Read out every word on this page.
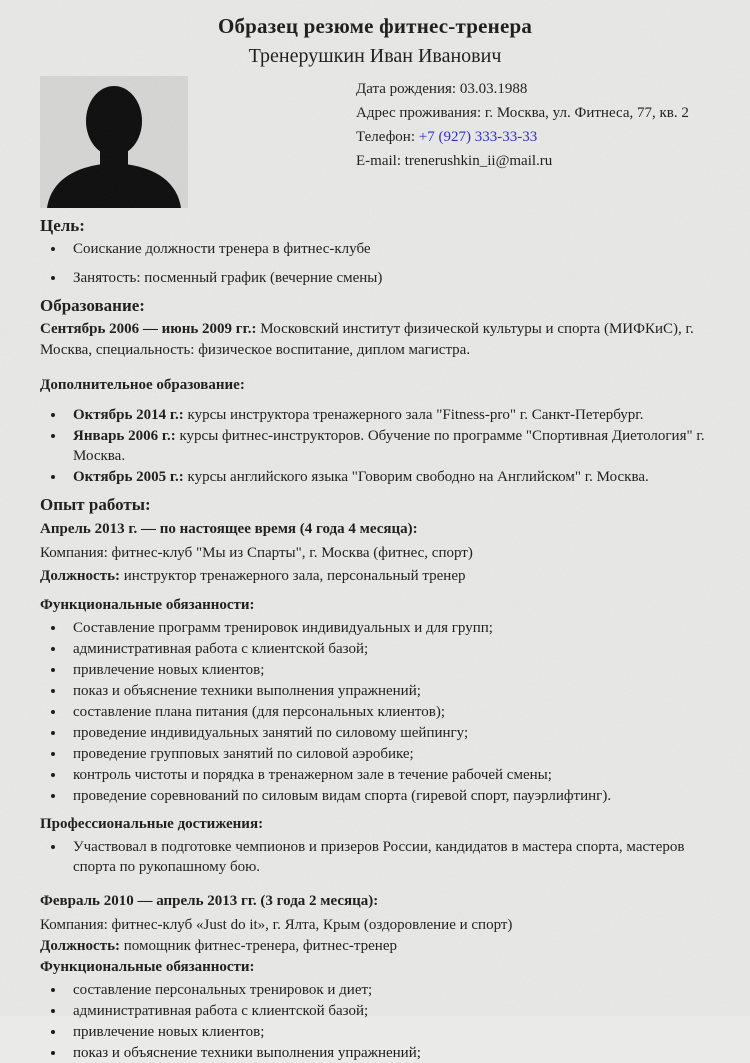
Образец резюме фитнес-тренера
Тренерушкин Иван Иванович
Дата рождения: 03.03.1988
Адрес проживания: г. Москва, ул. Фитнеса, 77, кв. 2
Телефон: +7 (927) 333-33-33
E-mail: trenerushkin_ii@mail.ru
Цель:
• Соискание должности тренера в фитнес-клубе
• Занятость: посменный график (вечерние смены)
Образование:

Сентябрь 2006 — июнь 2009 гг.: Московский институт физической культуры и спорта (МИФКиС), г. Москва, специальность: физическое воспитание, диплом магистра.

Дополнительное образование:
• Октябрь 2014 г.: курсы инструктора тренажерного зала "Fitness-pro" г. Санкт-Петербург.
• Январь 2006 г.: курсы фитнес-инструкторов. Обучение по программе "Спортивная Диетология" г. Москва.
• Октябрь 2005 г.: курсы английского языка "Говорим свободно на Английском" г. Москва.
Опыт работы:

Апрель 2013 г. — по настоящее время (4 года 4 месяца):

Компания: фитнес-клуб "Мы из Спарты", г. Москва (фитнес, спорт)

Должность: инструктор тренажерного зала, персональный тренер

Функциональные обязанности:
• Составление программ тренировок индивидуальных и для групп;
• административная работа с клиентской базой;
• привлечение новых клиентов;
• показ и объяснение техники выполнения упражнений;
• составление плана питания (для персональных клиентов);
• проведение индивидуальных занятий по силовому шейпингу;
• проведение групповых занятий по силовой аэробике;
• контроль чистоты и порядка в тренажерном зале в течение рабочей смены;
• проведение соревнований по силовым видам спорта (гиревой спорт, пауэрлифтинг).
Профессиональные достижения:
• Участвовал в подготовке чемпионов и призеров России, кандидатов в мастера спорта, мастеров спорта по рукопашному бою.

Февраль 2010 — апрель 2013 гг. (3 года 2 месяца):

Компания: фитнес-клуб «Just do it», г. Ялта, Крым (оздоровление и спорт)

Должность: помощник фитнес-тренера, фитнес-тренер

Функциональные обязанности:
• составление персональных тренировок и диет;
• административная работа с клиентской базой;
• привлечение новых клиентов;
• показ и объяснение техники выполнения упражнений;
